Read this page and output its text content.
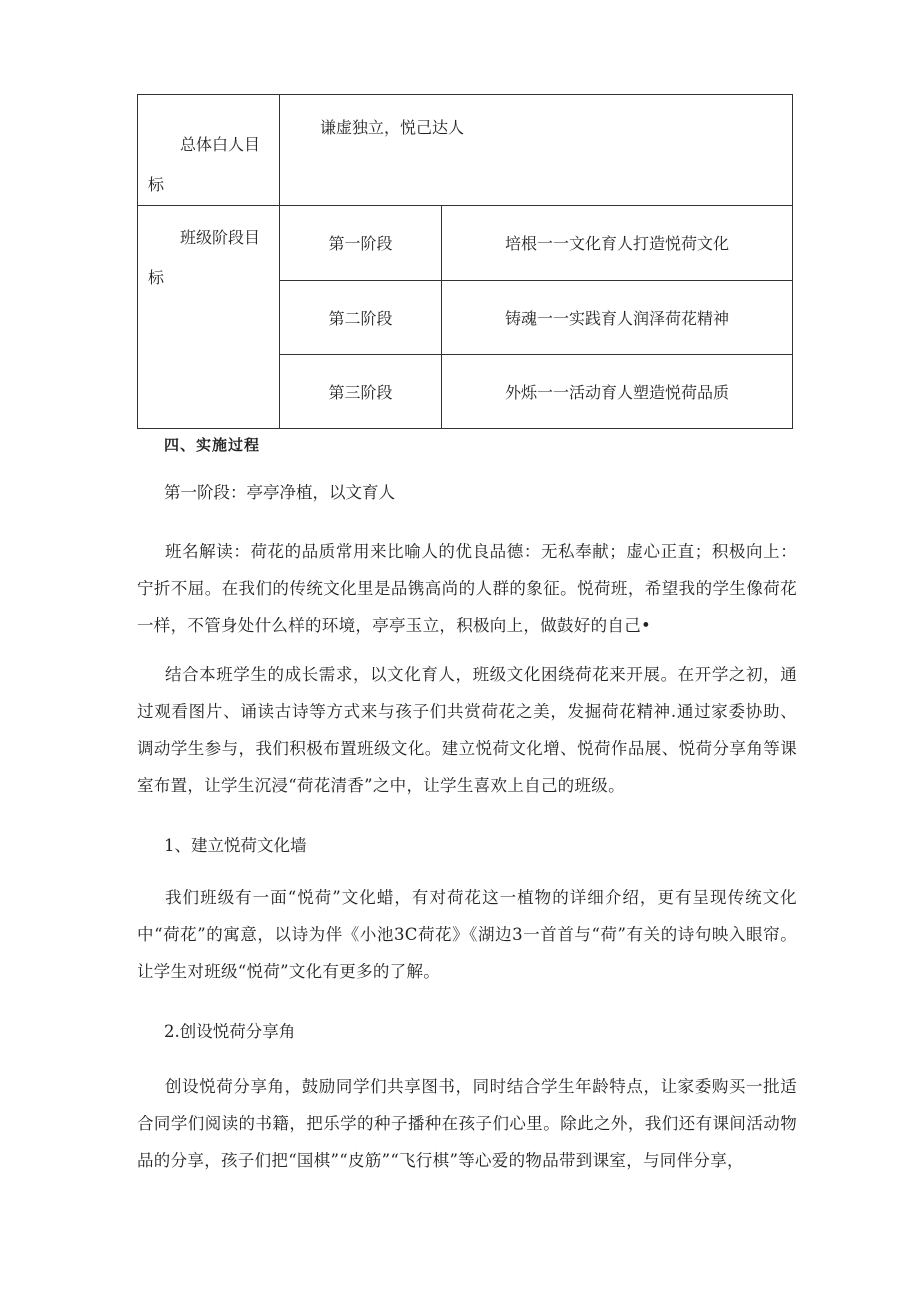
总体白人目
标	谦虚独立，悦己达人	

班级阶段目
标	第一阶段	培根一一文化育人打造悦荷文化
	第二阶段	铸魂一一实践育人润泽荷花精神
	第三阶段	外烁一一活动育人塑造悦荷品质
四、实施过程
第一阶段：亭亭净植，以文育人

班名解读：荷花的品质常用来比喻人的优良品德：无私奉献；虚心正直；积极向上：宁折不屈。在我们的传统文化里是品镌高尚的人群的象征。悦荷班，希望我的学生像荷花一样，不管身处什么样的环境，亭亭玉立，积极向上，做鼓好的自己•

结合本班学生的成长需求，以文化育人，班级文化困绕荷花来开展。在开学之初，通过观看图片、诵读古诗等方式来与孩子们共赏荷花之美，发掘荷花精神.通过家委协助、调动学生参与，我们积极布置班级文化。建立悦荷文化增、悦荷作品展、悦荷分享角等课室布置，让学生沉浸“荷花清香”之中，让学生喜欢上自己的班级。

1、建立悦荷文化墙

我们班级有一面“悦荷”文化蜡，有对荷花这一植物的详细介绍，更有呈现传统文化中“荷花”的寓意，以诗为伴《小池3C荷花》《湖边3一首首与“荷”有关的诗句映入眼帘。让学生对班级“悦荷”文化有更多的了解。

2.创设悦荷分享角

创设悦荷分享角，鼓励同学们共享图书，同时结合学生年龄特点，让家委购买一批适合同学们阅读的书籍，把乐学的种子播种在孩子们心里。除此之外，我们还有课间活动物品的分享，孩子们把“国棋”“皮筋”“飞行棋”等心爱的物品带到课室，与同伴分享，
